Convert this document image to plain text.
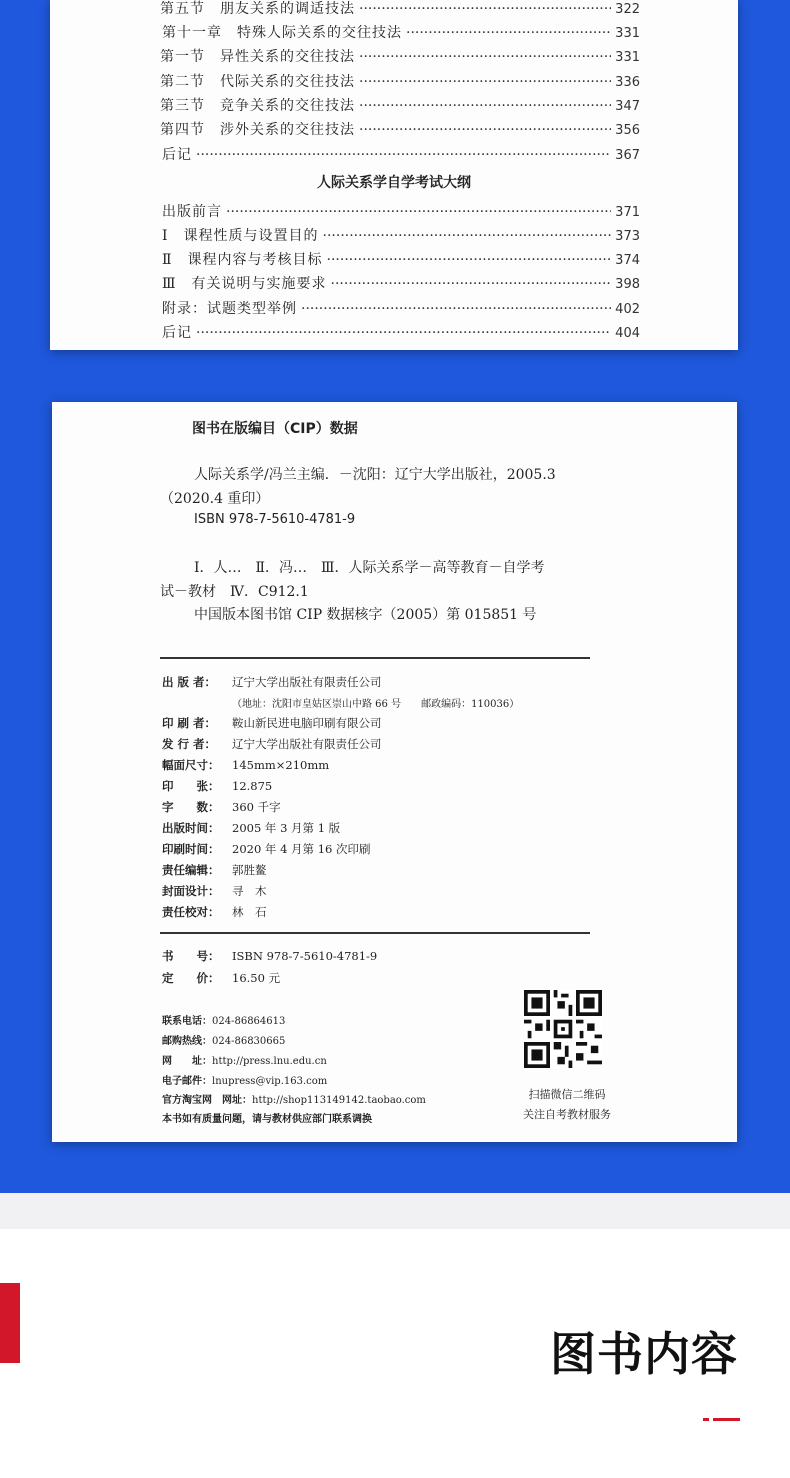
第五节　朋友关系的调适技法 ·····	322
第十一章　特殊人际关系的交往技法 ·····	331
第一节　异性关系的交往技法 ·····	331
第二节　代际关系的交往技法 ·····	336
第三节　竞争关系的交往技法 ·····	347
第四节　涉外关系的交往技法 ·····	356
后记 ·····	367
人际关系学自学考试大纲
出版前言 ·····	371
Ⅰ　课程性质与设置目的 ·····	373
Ⅱ　课程内容与考核目标 ·····	374
Ⅲ　有关说明与实施要求 ·····	398
附录：试题类型举例 ·····	402
后记 ·····	404
图书在版编目（CIP）数据
人际关系学/冯兰主编．－沈阳：辽宁大学出版社，2005.3
（2020.4 重印）
ISBN 978-7-5610-4781-9
Ⅰ．人…　Ⅱ．冯…　Ⅲ．人际关系学－高等教育－自学考
试－教材　Ⅳ．C912.1
中国版本图书馆 CIP 数据核字（2005）第 015851 号
出 版 者： 辽宁大学出版社有限责任公司
（地址：沈阳市皇姑区崇山中路 66 号　　邮政编码：110036）
印 刷 者： 鞍山新民进电脑印刷有限公司
发 行 者： 辽宁大学出版社有限责任公司
幅面尺寸： 145mm×210mm
印　　张： 12.875
字　　数： 360 千字
出版时间： 2005 年 3 月第 1 版
印刷时间： 2020 年 4 月第 16 次印刷
责任编辑： 郭胜鳌
封面设计： 寻　木
责任校对： 林　石
书　　号： ISBN 978-7-5610-4781-9
定　　价： 16.50 元
联系电话：024-86864613
邮购热线：024-86830665
网　　址：http://press.lnu.edu.cn
电子邮件：lnupress@vip.163.com
官方淘宝网　网址：http://shop113149142.taobao.com
本书如有质量问题，请与教材供应部门联系调换
扫描微信二维码
关注自考教材服务
图书内容
